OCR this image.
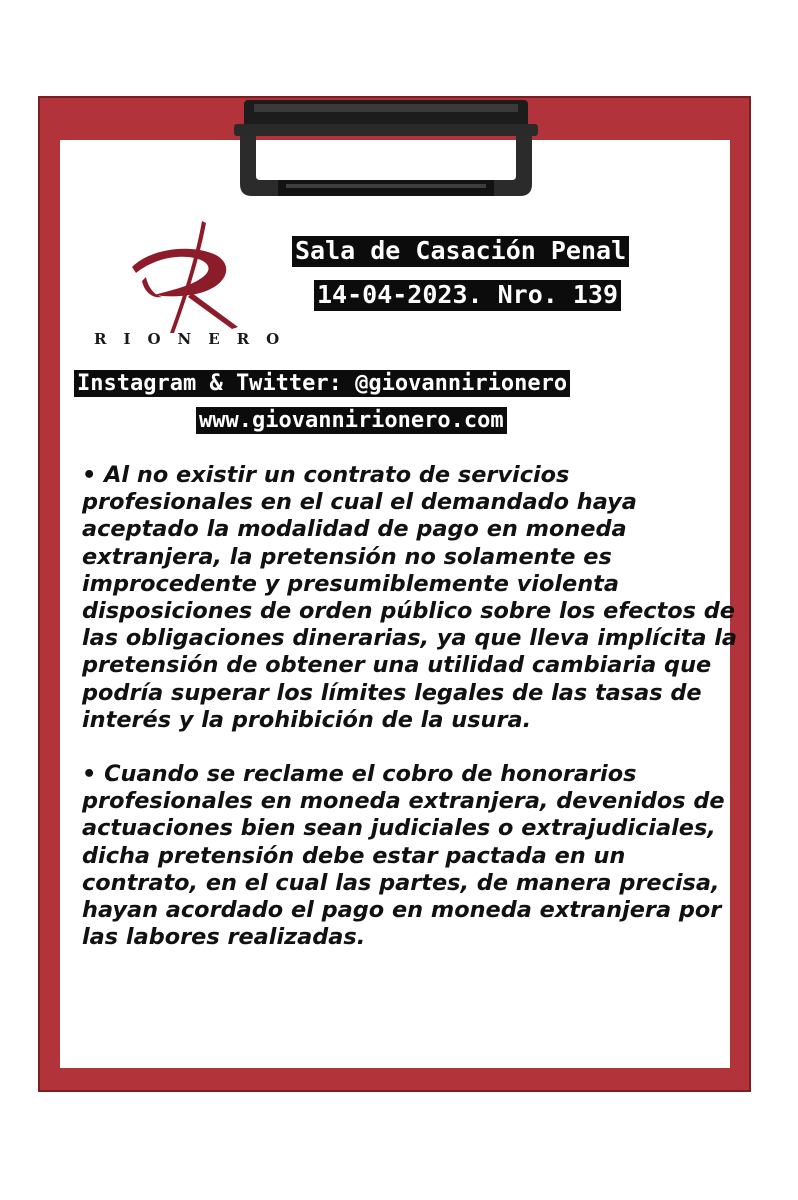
RIONERO
Sala de Casación Penal
14-04-2023. Nro. 139
Instagram & Twitter: @giovannirionero
www.giovannirionero.com

• Al no existir un contrato de servicios profesionales en el cual el demandado haya aceptado la modalidad de pago en moneda extranjera, la pretensión no solamente es improcedente y presumiblemente violenta disposiciones de orden público sobre los efectos de las obligaciones dinerarias, ya que lleva implícita la pretensión de obtener una utilidad cambiaria que podría superar los límites legales de las tasas de interés y la prohibición de la usura.

• Cuando se reclame el cobro de honorarios profesionales en moneda extranjera, devenidos de actuaciones bien sean judiciales o extrajudiciales, dicha pretensión debe estar pactada en un contrato, en el cual las partes, de manera precisa, hayan acordado el pago en moneda extranjera por las labores realizadas.
